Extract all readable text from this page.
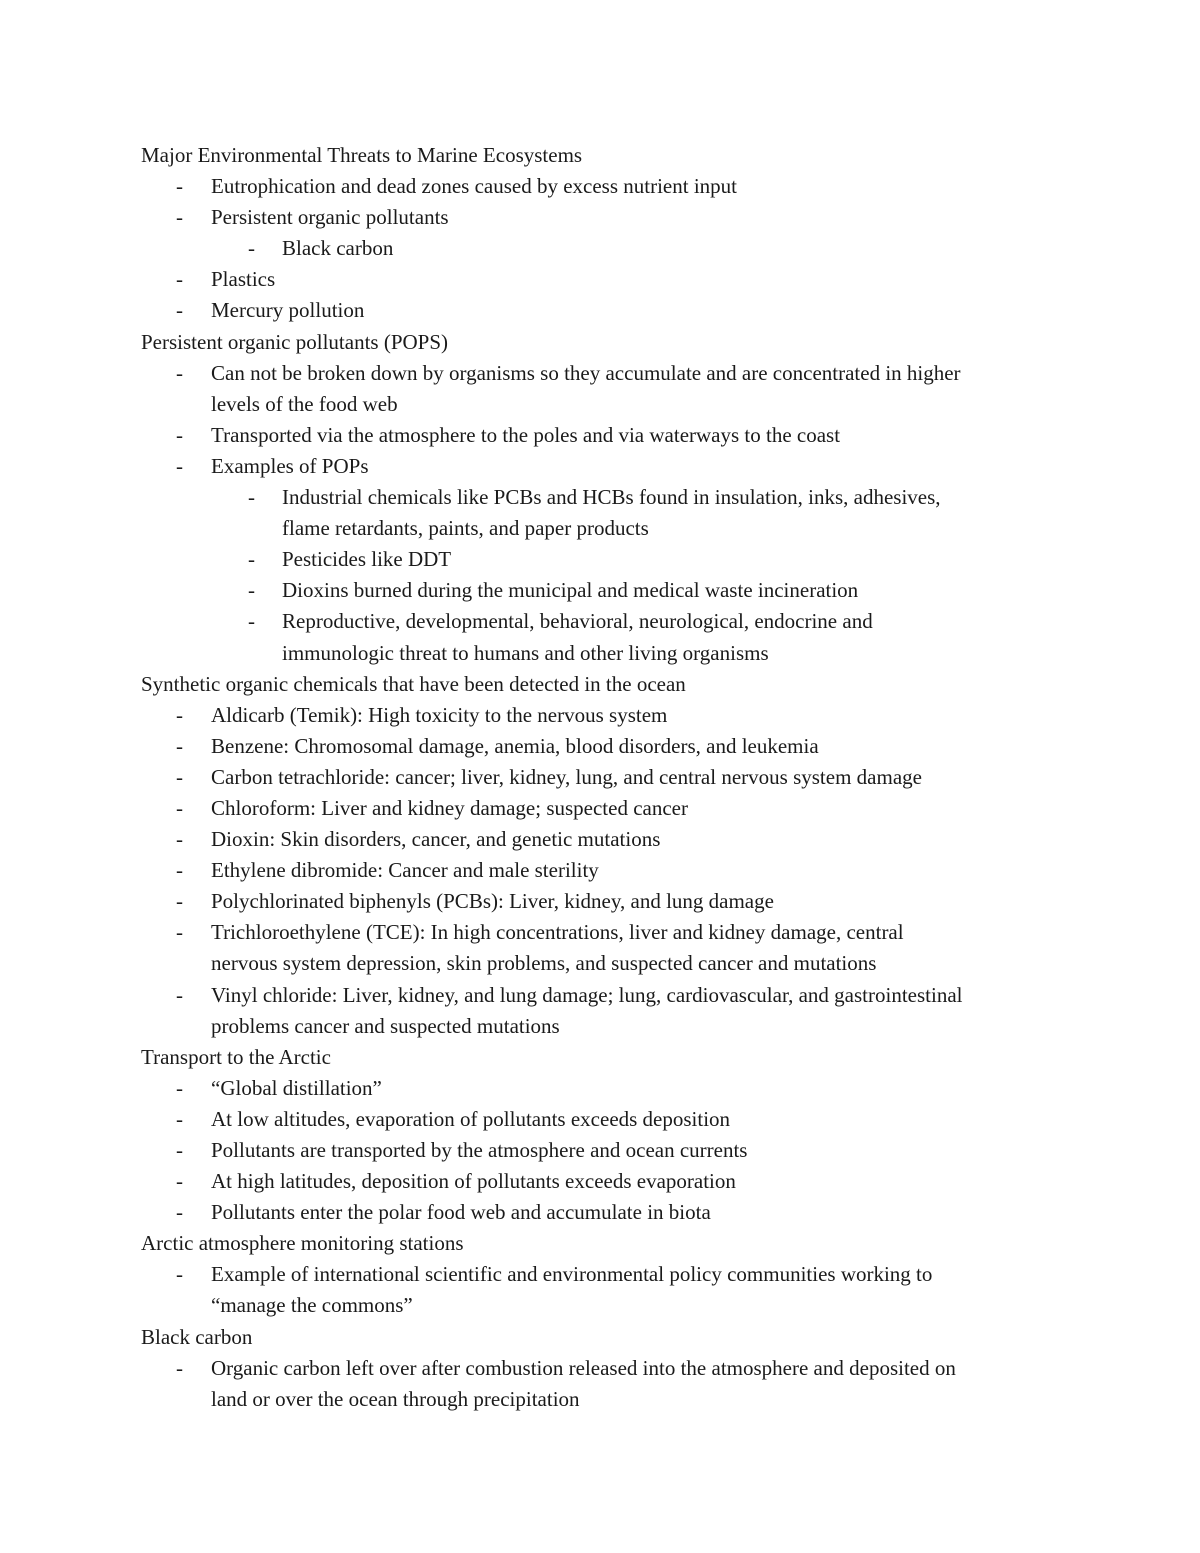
Major Environmental Threats to Marine Ecosystems
- Eutrophication and dead zones caused by excess nutrient input
- Persistent organic pollutants
- Black carbon
- Plastics
- Mercury pollution
Persistent organic pollutants (POPS)
- Can not be broken down by organisms so they accumulate and are concentrated in higher
levels of the food web
- Transported via the atmosphere to the poles and via waterways to the coast
- Examples of POPs
- Industrial chemicals like PCBs and HCBs found in insulation, inks, adhesives,
flame retardants, paints, and paper products
- Pesticides like DDT
- Dioxins burned during the municipal and medical waste incineration
- Reproductive, developmental, behavioral, neurological, endocrine and
immunologic threat to humans and other living organisms
Synthetic organic chemicals that have been detected in the ocean
- Aldicarb (Temik): High toxicity to the nervous system
- Benzene: Chromosomal damage, anemia, blood disorders, and leukemia
- Carbon tetrachloride: cancer; liver, kidney, lung, and central nervous system damage
- Chloroform: Liver and kidney damage; suspected cancer
- Dioxin: Skin disorders, cancer, and genetic mutations
- Ethylene dibromide: Cancer and male sterility
- Polychlorinated biphenyls (PCBs): Liver, kidney, and lung damage
- Trichloroethylene (TCE): In high concentrations, liver and kidney damage, central
nervous system depression, skin problems, and suspected cancer and mutations
- Vinyl chloride: Liver, kidney, and lung damage; lung, cardiovascular, and gastrointestinal
problems cancer and suspected mutations
Transport to the Arctic
- “Global distillation”
- At low altitudes, evaporation of pollutants exceeds deposition
- Pollutants are transported by the atmosphere and ocean currents
- At high latitudes, deposition of pollutants exceeds evaporation
- Pollutants enter the polar food web and accumulate in biota
Arctic atmosphere monitoring stations
- Example of international scientific and environmental policy communities working to
“manage the commons”
Black carbon
- Organic carbon left over after combustion released into the atmosphere and deposited on
land or over the ocean through precipitation
